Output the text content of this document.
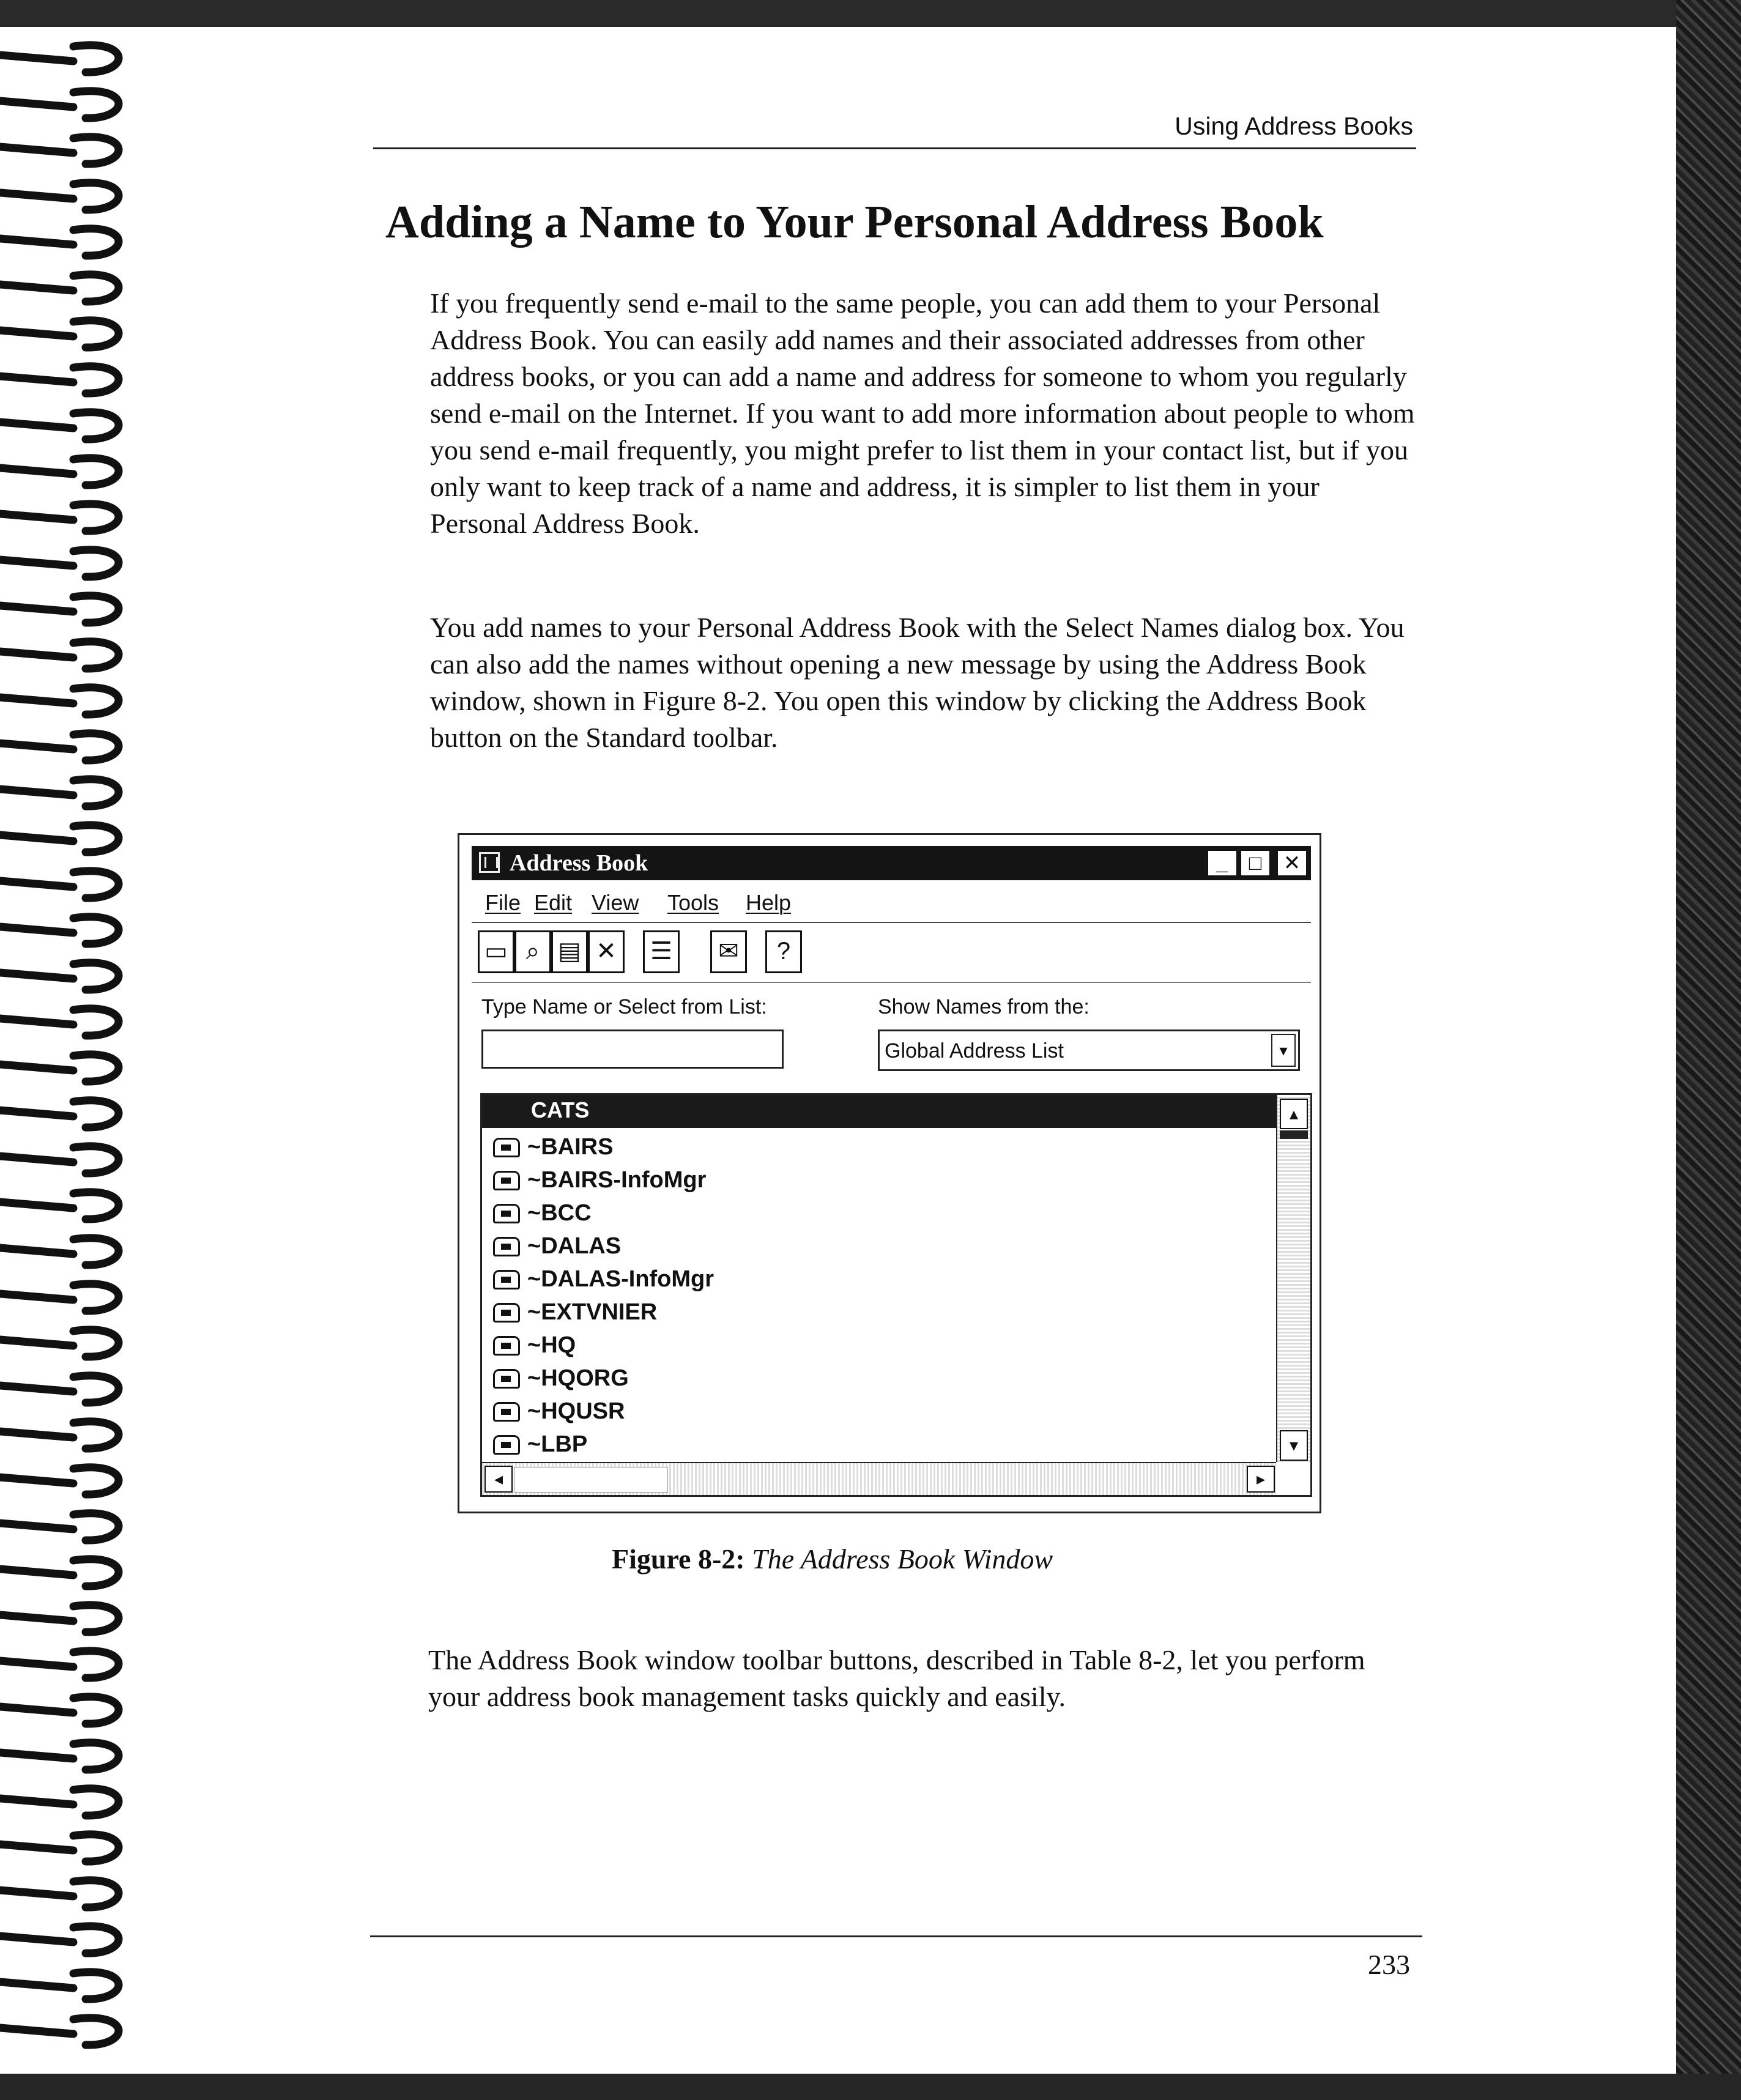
Using Address Books
Adding a Name to Your Personal Address Book

If you frequently send e-mail to the same people, you can add them to your Personal Address Book. You can easily add names and their associated addresses from other address books, or you can add a name and address for someone to whom you regularly send e-mail on the Internet. If you want to add more information about people to whom you send e-mail frequently, you might prefer to list them in your contact list, but if you only want to keep track of a name and address, it is simpler to list them in your Personal Address Book.

You add names to your Personal Address Book with the Select Names dialog box. You can also add the names without opening a new message by using the Address Book window, shown in Figure 8-2. You open this window by clicking the Address Book button on the Standard toolbar.

Address Book	_	□	✕
File Edit View Tools Help
▭ ⌕ ▤ ✕	☰	✉	?
Type Name or Select from List:	Show Names from the:
Global Address List	▾
CATS
~BAIRS
~BAIRS-InfoMgr
~BCC
~DALAS
~DALAS-InfoMgr
~EXTVNIER
~HQ
~HQORG
~HQUSR
~LBP
▴
▾
◂	▸

Figure 8-2: The Address Book Window

The Address Book window toolbar buttons, described in Table 8-2, let you perform your address book management tasks quickly and easily.

233
